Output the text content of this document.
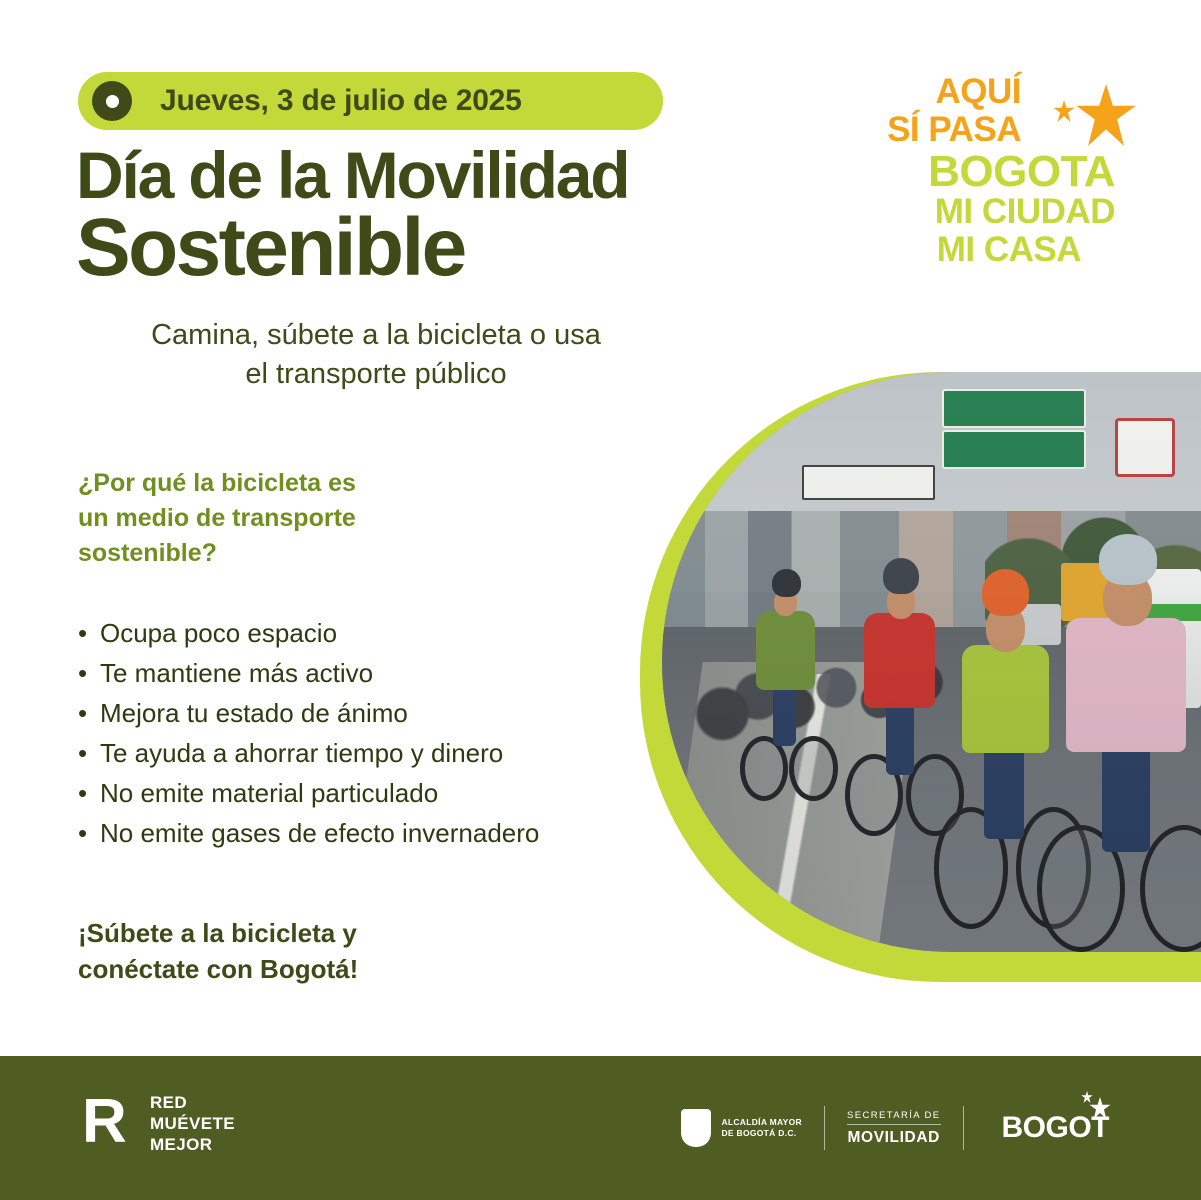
Jueves, 3 de julio de 2025
Día de la Movilidad
Sostenible
Camina, súbete a la bicicleta o usa
el transporte público
AQUÍ
SÍ PASA
BOGOTA
MI CIUDAD
MI CASA
¿Por qué la bicicleta es
un medio de transporte
sostenible?
• Ocupa poco espacio
• Te mantiene más activo
• Mejora tu estado de ánimo
• Te ayuda a ahorrar tiempo y dinero
• No emite material particulado
• No emite gases de efecto invernadero
¡Súbete a la bicicleta y
conéctate con Bogotá!
R	RED
MUÉVETE
MEJOR
ALCALDÍA MAYOR
DE BOGOTÁ D.C.
SECRETARÍA DE
MOVILIDAD	BOGOT
